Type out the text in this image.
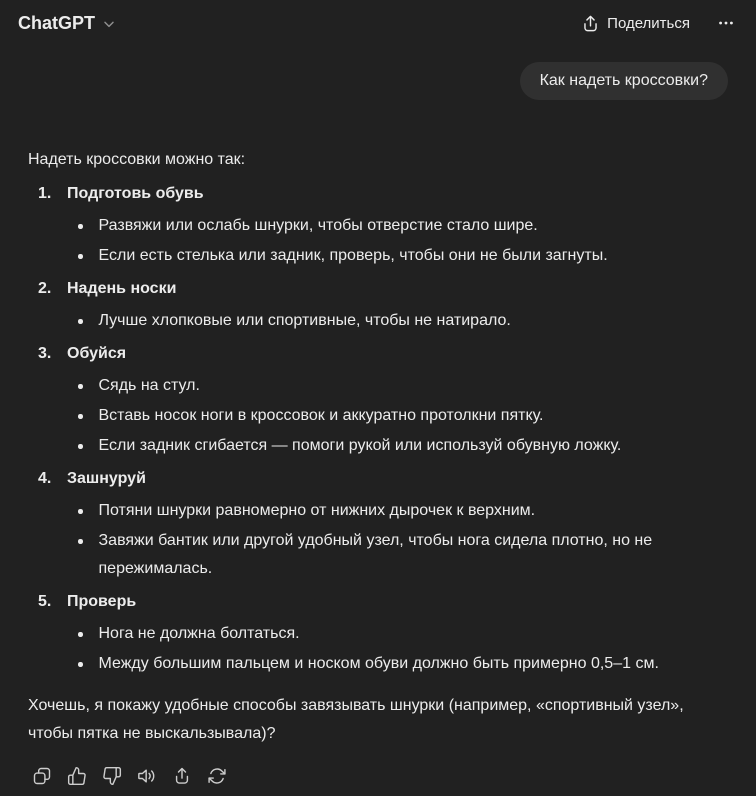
ChatGPT	Поделиться
Как надеть кроссовки?

Надеть кроссовки можно так:

1. Подготовь обувь
Развяжи или ослабь шнурки, чтобы отверстие стало шире.
Если есть стелька или задник, проверь, чтобы они не были загнуты.
2. Надень носки
Лучше хлопковые или спортивные, чтобы не натирало.
3. Обуйся
Сядь на стул.
Вставь носок ноги в кроссовок и аккуратно протолкни пятку.
Если задник сгибается — помоги рукой или используй обувную ложку.
4. Зашнуруй
Потяни шнурки равномерно от нижних дырочек к верхним.
Завяжи бантик или другой удобный узел, чтобы нога сидела плотно, но не пережималась.
5. Проверь
Нога не должна болтаться.
Между большим пальцем и носком обуви должно быть примерно 0,5–1 см.

Хочешь, я покажу удобные способы завязывать шнурки (например, «спортивный узел», чтобы пятка не выскальзывала)?
